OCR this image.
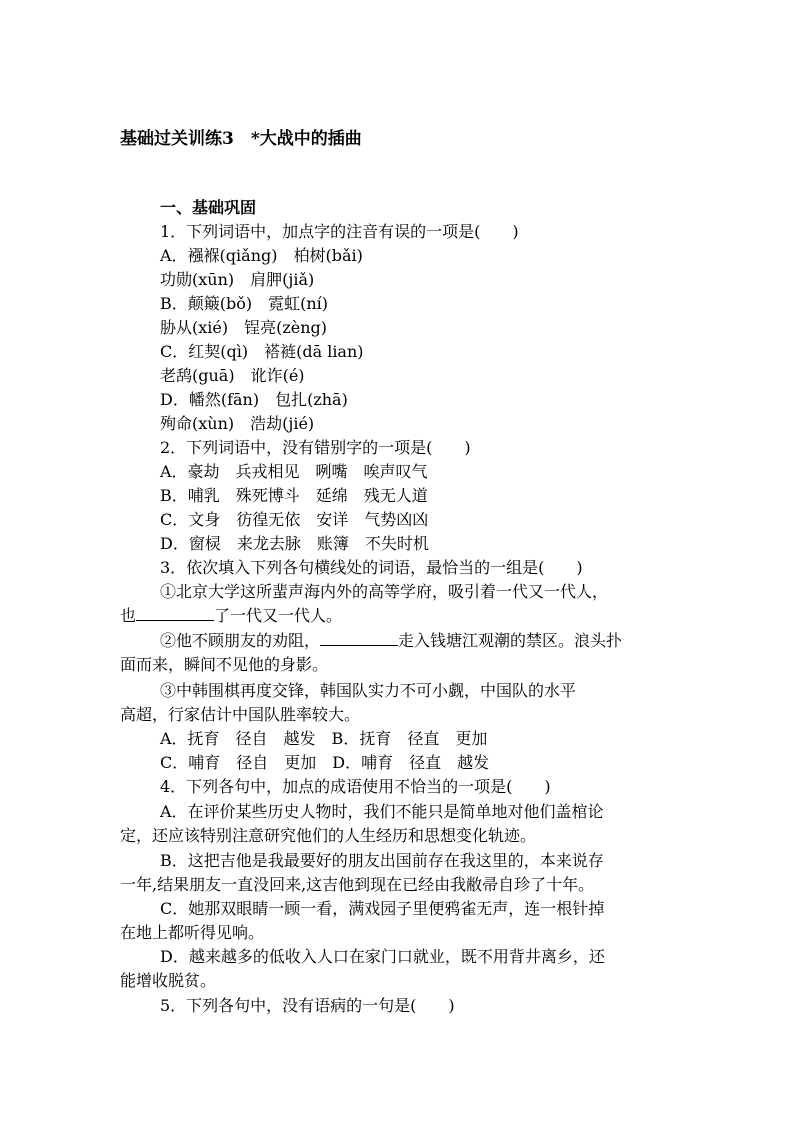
基础过关训练3　*大战中的插曲
一、基础巩固
1．下列词语中，加点字的注音有误的一项是(　　)
A．襁褓(qiǎng)　柏树(bǎi)
功勋(xūn)　肩胛(jiǎ)
B．颠簸(bǒ)　霓虹(ní)
胁从(xié)　锃亮(zèng)
C．红契(qì)　褡裢(dā lian)
老鸹(guā)　讹诈(é)
D．幡然(fān)　包扎(zhā)
殉命(xùn)　浩劫(jié)
2．下列词语中，没有错别字的一项是(　　)
A．豪劫　兵戎相见　咧嘴　唉声叹气
B．哺乳　殊死博斗　延绵　残无人道
C．文身　彷徨无依　安详　气势凶凶
D．窗棂　来龙去脉　账簿　不失时机
3．依次填入下列各句横线处的词语，最恰当的一组是(　　)
①北京大学这所蜚声海内外的高等学府，吸引着一代又一代人，
也	了一代又一代人。
②他不顾朋友的劝阻，	走入钱塘江观潮的禁区。浪头扑
面而来，瞬间不见他的身影。
③中韩围棋再度交锋，韩国队实力不可小觑，中国队的水平
高超，行家估计中国队胜率较大。
A．抚育　径自　越发　B．抚育　径直　更加
C．哺育　径自　更加　D．哺育　径直　越发
4．下列各句中，加点的成语使用不恰当的一项是(　　)
A．在评价某些历史人物时，我们不能只是简单地对他们盖棺论
定，还应该特别注意研究他们的人生经历和思想变化轨迹。
B．这把吉他是我最要好的朋友出国前存在我这里的，本来说存
一年,结果朋友一直没回来,这吉他到现在已经由我敝帚自珍了十年。
C．她那双眼睛一顾一看，满戏园子里便鸦雀无声，连一根针掉
在地上都听得见响。
D．越来越多的低收入人口在家门口就业，既不用背井离乡，还
能增收脱贫。
5．下列各句中，没有语病的一句是(　　)
